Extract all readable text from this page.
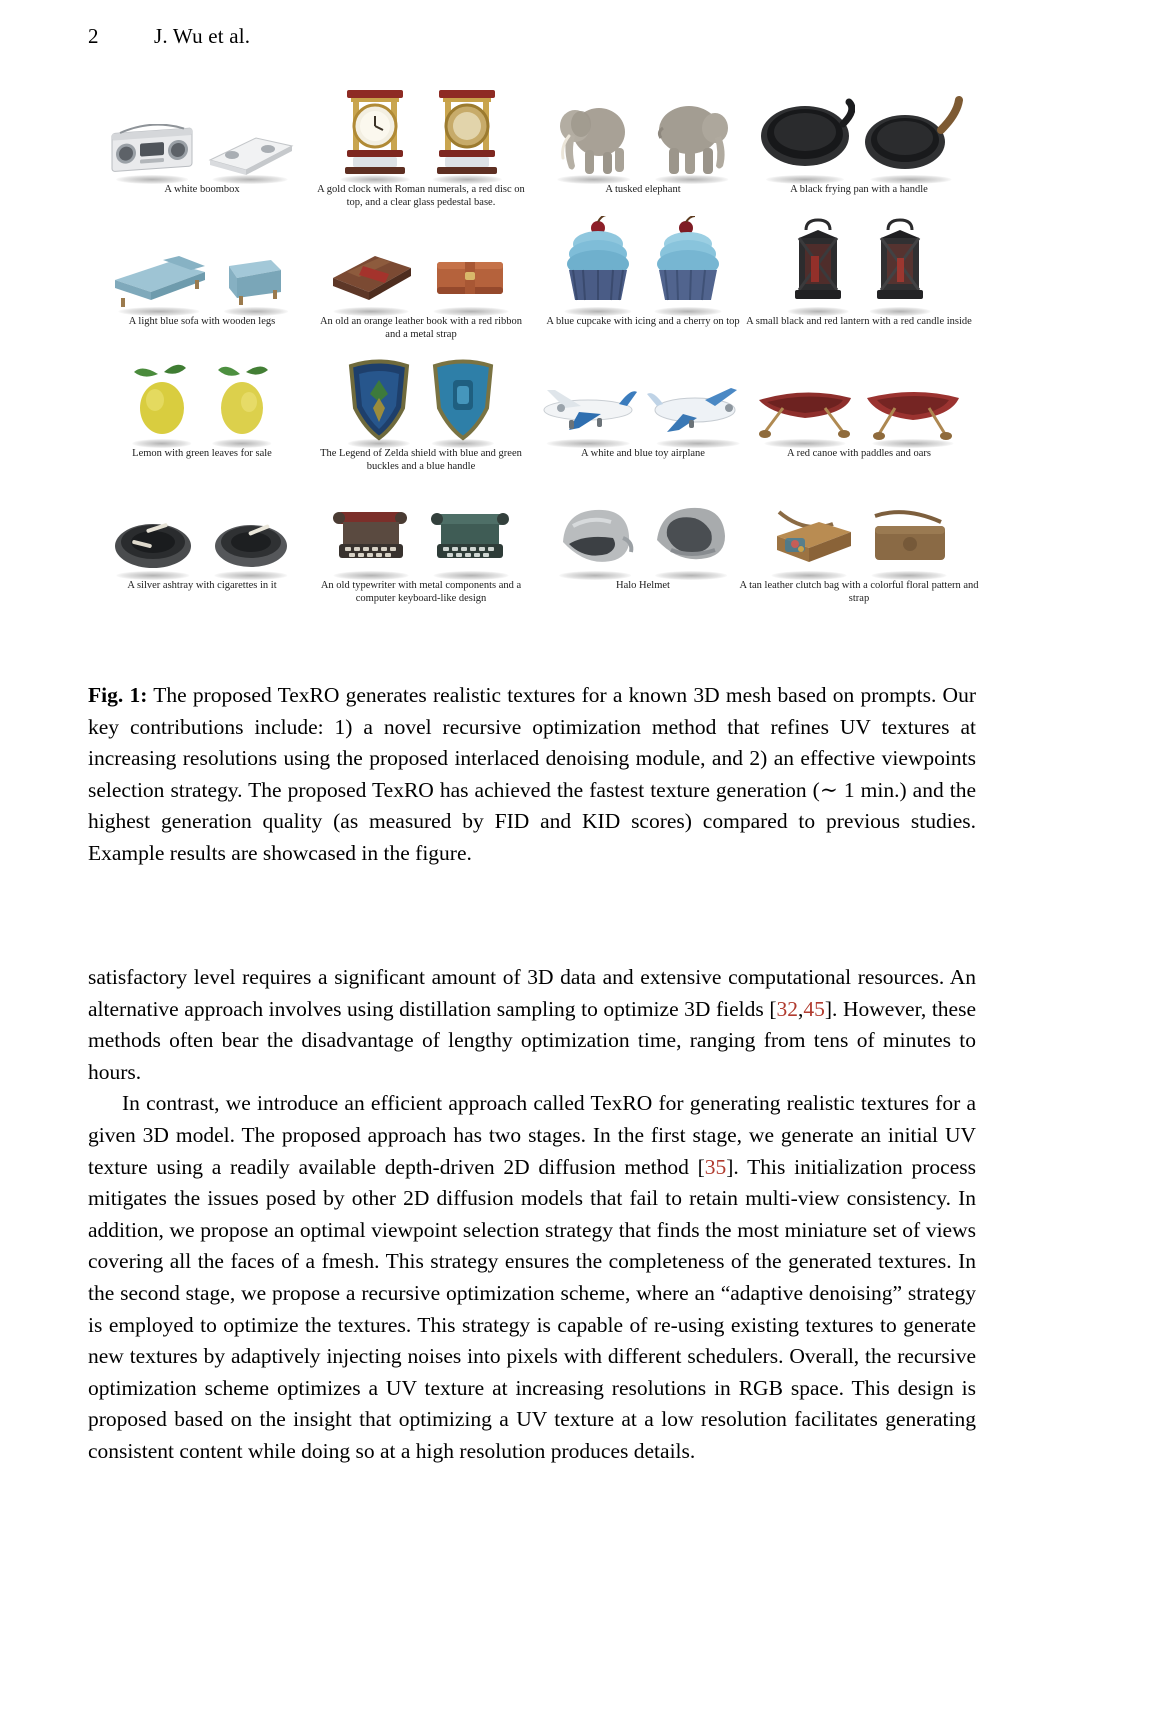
2	J. Wu et al.
A white boombox	A gold clock with Roman numerals, a red disc on top, and a clear glass pedestal base.
A tusked elephant	A black frying pan with a handle
A light blue sofa with wooden legs	An old an orange leather book with a red ribbon and a metal strap
A blue cupcake with icing and a cherry on top A small black and red lantern with a red candle inside
Lemon with green leaves for sale	The Legend of Zelda shield with blue and green buckles and a blue handle
A white and blue toy airplane	A red canoe with paddles and oars
A silver ashtray with cigarettes in it	An old typewriter with metal components and a computer keyboard-like design
Halo Helmet	A tan leather clutch bag with a colorful floral pattern and strap
Fig. 1: The proposed TexRO generates realistic textures for a known 3D mesh based on prompts. Our key contributions include: 1) a novel recursive optimization method that refines UV textures at increasing resolutions using the proposed interlaced denoising module, and 2) an effective viewpoints selection strategy. The proposed TexRO has achieved the fastest texture generation (∼ 1 min.) and the highest generation quality (as measured by FID and KID scores) compared to previous studies. Example results are showcased in the figure.

satisfactory level requires a significant amount of 3D data and extensive computational resources. An alternative approach involves using distillation sampling to optimize 3D fields [32,45]. However, these methods often bear the disadvantage of lengthy optimization time, ranging from tens of minutes to hours.

In contrast, we introduce an efficient approach called TexRO for generating realistic textures for a given 3D model. The proposed approach has two stages. In the first stage, we generate an initial UV texture using a readily available depth-driven 2D diffusion method [35]. This initialization process mitigates the issues posed by other 2D diffusion models that fail to retain multi-view consistency. In addition, we propose an optimal viewpoint selection strategy that finds the most miniature set of views covering all the faces of a fmesh. This strategy ensures the completeness of the generated textures. In the second stage, we propose a recursive optimization scheme, where an “adaptive denoising” strategy is employed to optimize the textures. This strategy is capable of re-using existing textures to generate new textures by adaptively injecting noises into pixels with different schedulers. Overall, the recursive optimization scheme optimizes a UV texture at increasing resolutions in RGB space. This design is proposed based on the insight that optimizing a UV texture at a low resolution facilitates generating consistent content while doing so at a high resolution produces details.
